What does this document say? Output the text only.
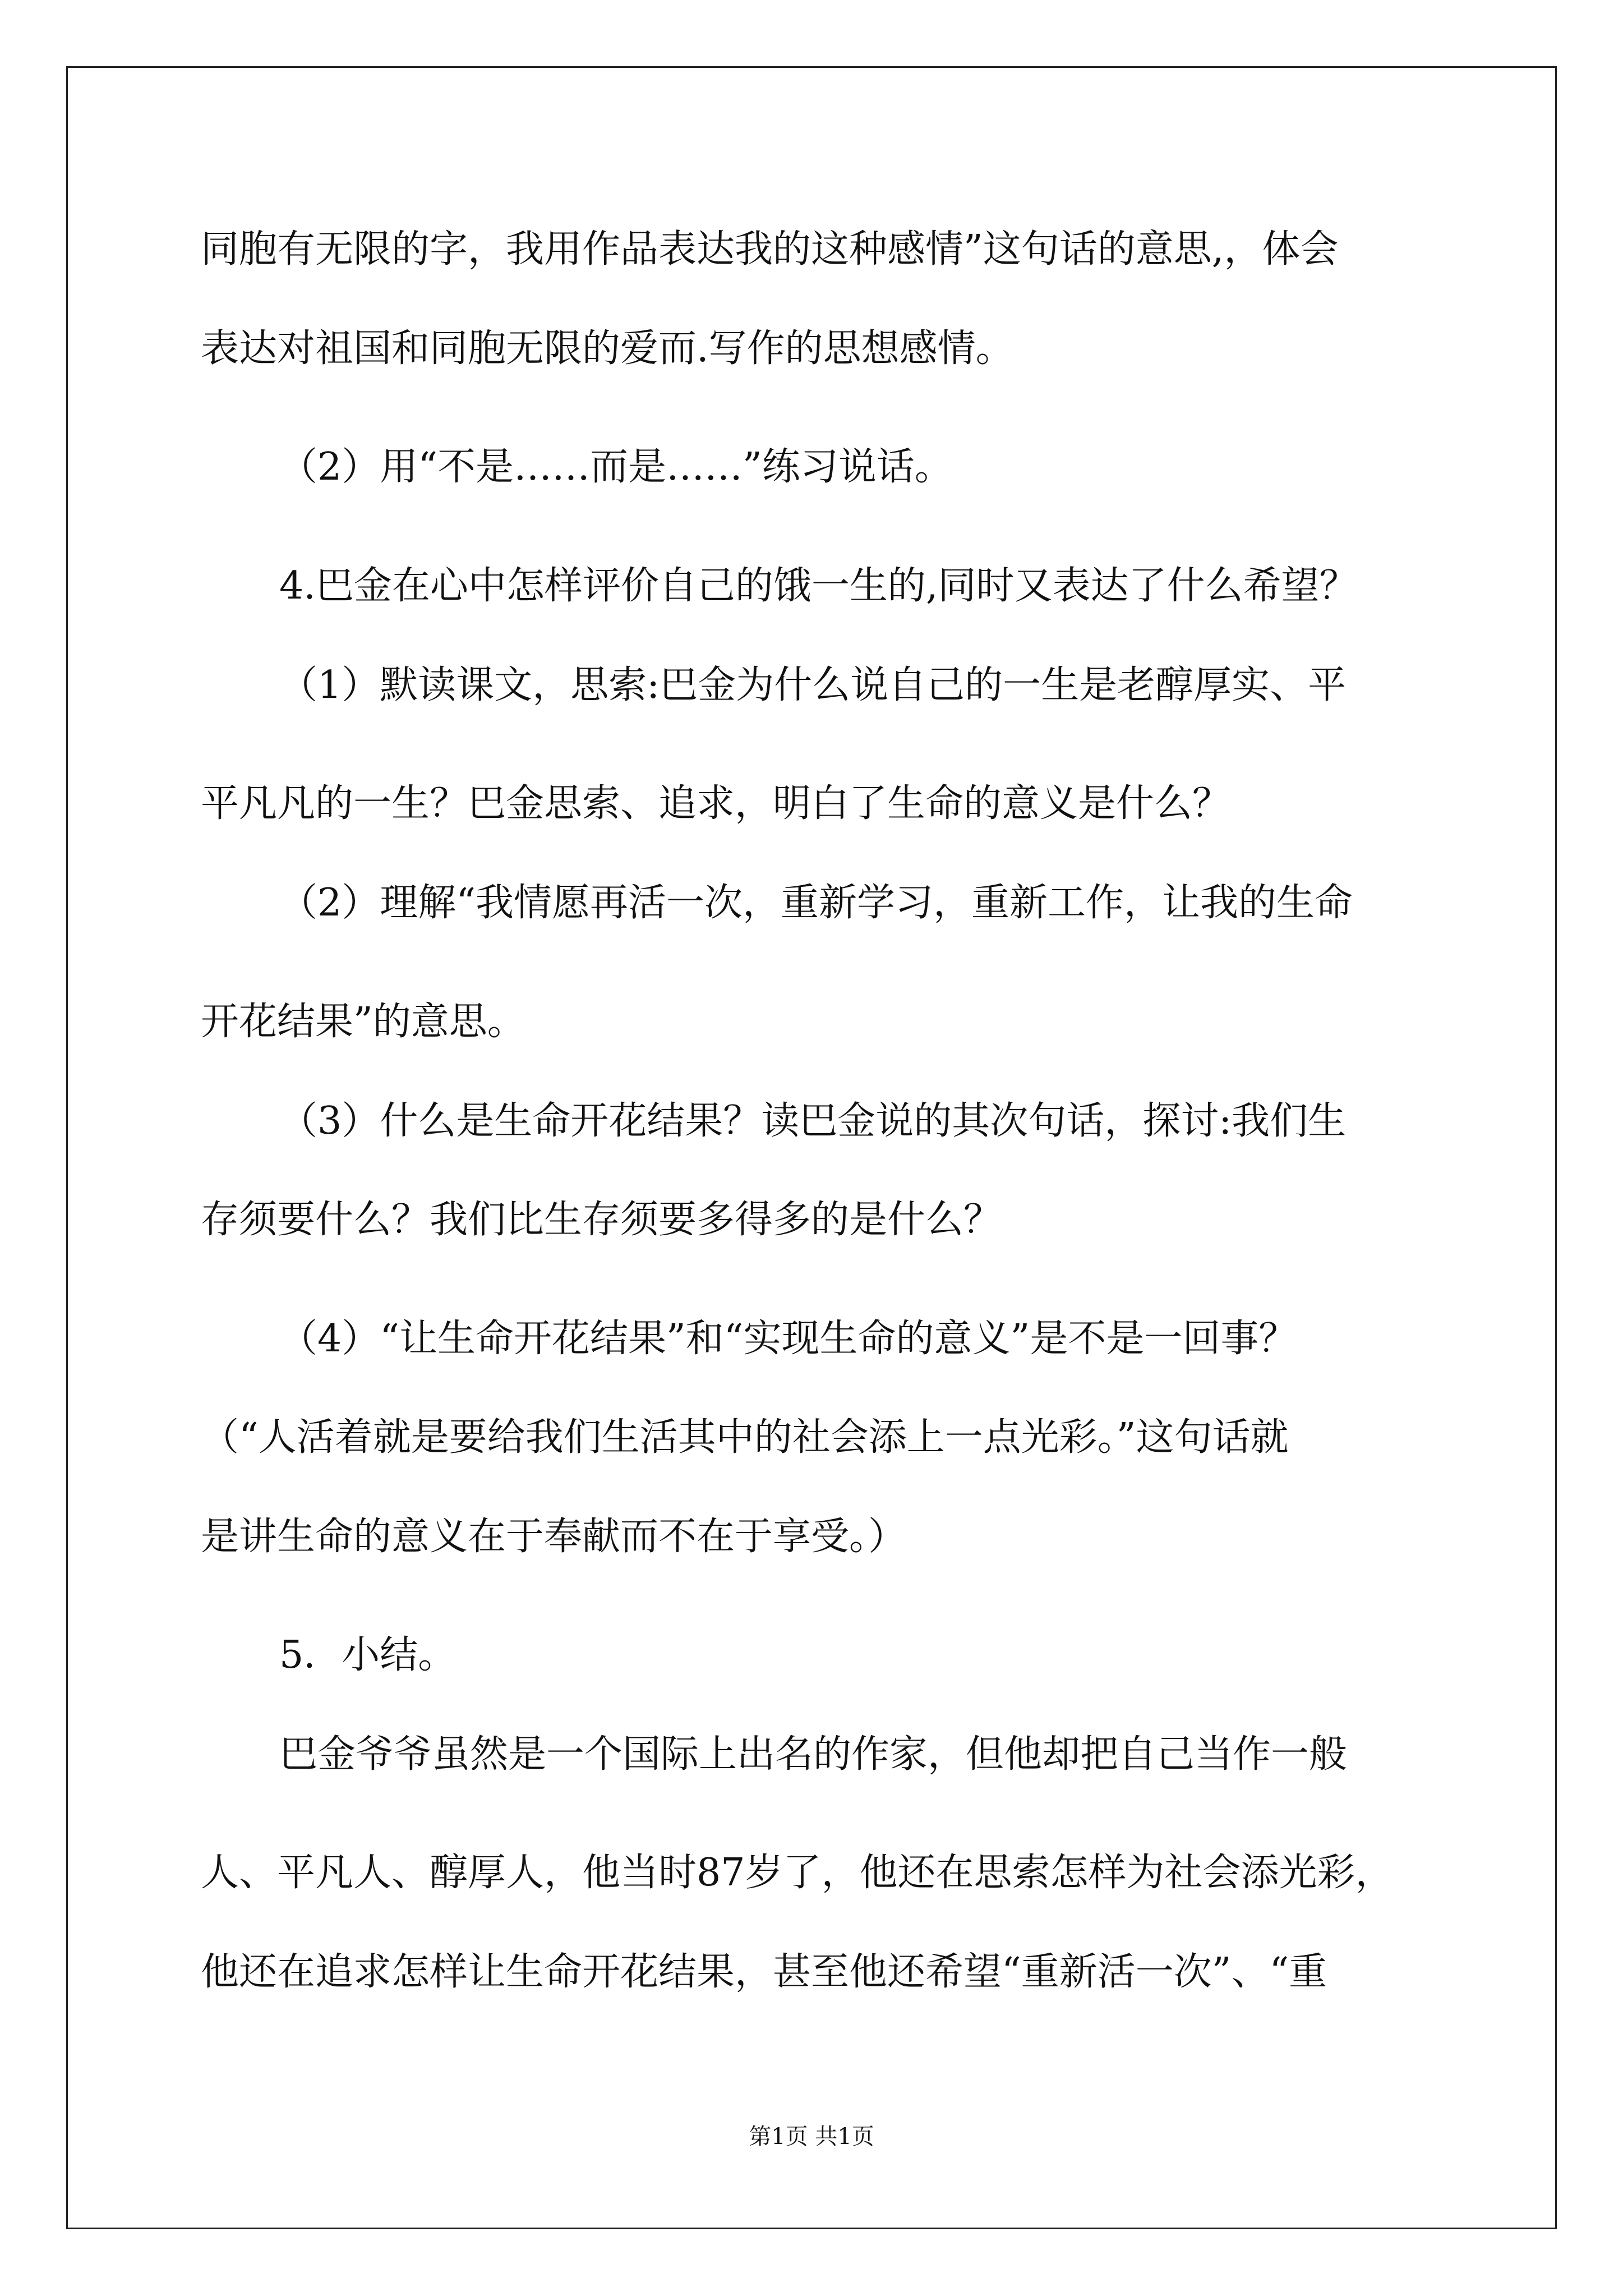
同胞有无限的字，我用作品表达我的这种感情”这句话的意思,，体会
表达对祖国和同胞无限的爱而.写作的思想感情。
（2）用“不是……而是……”练习说话。
4.巴金在心中怎样评价自己的饿一生的,同时又表达了什么希望？
（1）默读课文，思索:巴金为什么说自己的一生是老醇厚实、平
平凡凡的一生？巴金思索、追求，明白了生命的意义是什么？
（2）理解“我情愿再活一次，重新学习，重新工作，让我的生命
开花结果”的意思。
（3）什么是生命开花结果？读巴金说的其次句话，探讨:我们生
存须要什么？我们比生存须要多得多的是什么？
（4）“让生命开花结果”和“实现生命的意义”是不是一回事？
（“人活着就是要给我们生活其中的社会添上一点光彩。”这句话就
是讲生命的意义在于奉献而不在于享受。）
5．小结。
巴金爷爷虽然是一个国际上出名的作家，但他却把自己当作一般
人、平凡人、醇厚人，他当时87岁了，他还在思索怎样为社会添光彩，
他还在追求怎样让生命开花结果，甚至他还希望“重新活一次”、“重
第1页 共1页
